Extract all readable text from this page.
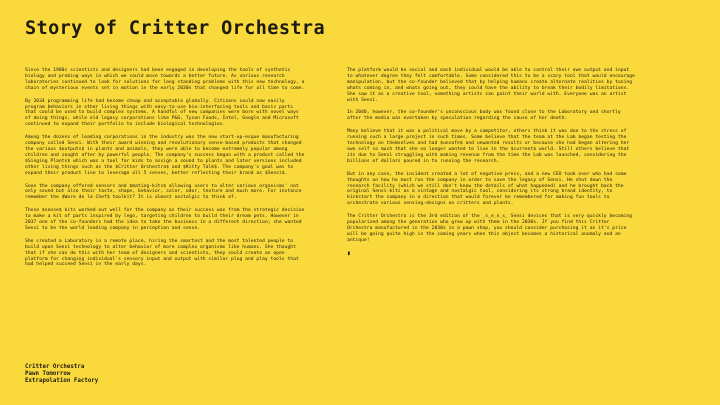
Story of Critter Orchestra

Since the 1980s scientists and designers had been engaged in developing the tools of synthetic biology and probing ways in which we could move towards a better future. As various research laboratories continued to look for solutions for long standing problems with this new technology, a chain of mysterious events set in motion in the early 2030s that changed life for all time to come.

By 2034 programming life had become cheap and acceptable globally. Citizens could now easily program behaviors in other living things with easy-to-use bio-interfacing tools and basic parts that could be used to build complex systems. A handful of new companies were born with novel ways of doing things, while old legacy corporations like P&G, Tyson Foods, Intel, Google and Microsoft continued to expand their portfolio to include biological technologies.

Among the dozens of leading corporations in the industry was the new start-up-esque manufacturing company called Sensi. With their award winning and revolutionary sense-based products that changed the various $outputs$ in plants and animals, they were able to become extremely popular among children and sought after by powerful people. The company's success began with a product called the $Singing Plants$ which was a tool for kids to assign a sound to plants and later versions included other living things such as the $Critter Orchestra$ and $Kitty Talk$. The company's goal was to expand their product line to leverage all 5 senses, better reflecting their brand as $Sensi$.

Soon the company offered sensors and $mating-kits$ allowing users to alter various organisms' not only sound but also their taste, shape, behavior, color, odor, texture and much more. For instance remember the $Wore de la Chef$ toolkit? It is almost nostalgic to think of.

These $sense$ kits worked out well for the company as their success was from the strategic decision to make a kit of parts inspired by lego, targeting children to build their dream pets. However in 2037 one of the co-founders had the idea to take the business in a different direction; she wanted Sensi to be the world leading company in perception and sense.

She created a Laboratory in a remote place, hiring the smartest and the most talented people to build upon Sensi technology to alter behavior of more complex organisms like humans. She thought that if she can do this with her team of designers and scientists, they could create an open platform for changing individual's sensory input and output with similar plug and play tools that had helped succeed Sensi in the early days.

The platform would be social and each individual would be able to control their own output and input to whatever degree they felt comfortable. Some considered this to be a scary tool that would encourage manipulation, but the co-founder believed that by helping humans create alternate realities by tuning whats coming in, and whats going out, they could have the ability to break their bodily limitations. She saw it as a creative tool, something artists can paint their world with. Everyone was an artist with Sensi.

In 2040, however, the co-founder's unconscious body was found close to the Laboratory and shortly after the media was overtaken by speculation regarding the cause of her death.

Many believe that it was a political move by a competitor, others think it was due to the stress of running such a large project in such times. Some believe that the team at the Lab began testing the technology on themselves and had $unsafe$ and unwanted results or because she had began altering her own self so much that she no longer wanted to live in the $current$ world. Still others believe that its due to Sensi struggling with making revenue from the time the Lab was launched, considering the billions of dollars poured in to running the research.

But in any case, the incident created a lot of negative press, and a new CEO took over who had some thoughts on how he must run the company in order to save the legacy of Sensi. He shut down the research facility (which we still don't know the details of what happened) and he brought back the original Sensi-kits as a vintage and nostalgic tool, considering its strong brand identity, to kickstart the company in a direction that would forever be remembered for making fun tools to orchestrate various sensing-designs on critters and plants.

The Critter Orchestra is the 3rd edition of the _s_e_n_s_ Sensi devices that is very quickly becoming popularized among the generation who grew up with them in the 2030s. If you find this Critter Orchestra manufactured in the 2030s in a pawn shop, you should consider purchasing it as it's price will be going quite high in the coming years when this object becomes a historical anomaly and an antique!

▮
Critter Orchestra
Pawn Tomorrow
Extrapolation Factory
